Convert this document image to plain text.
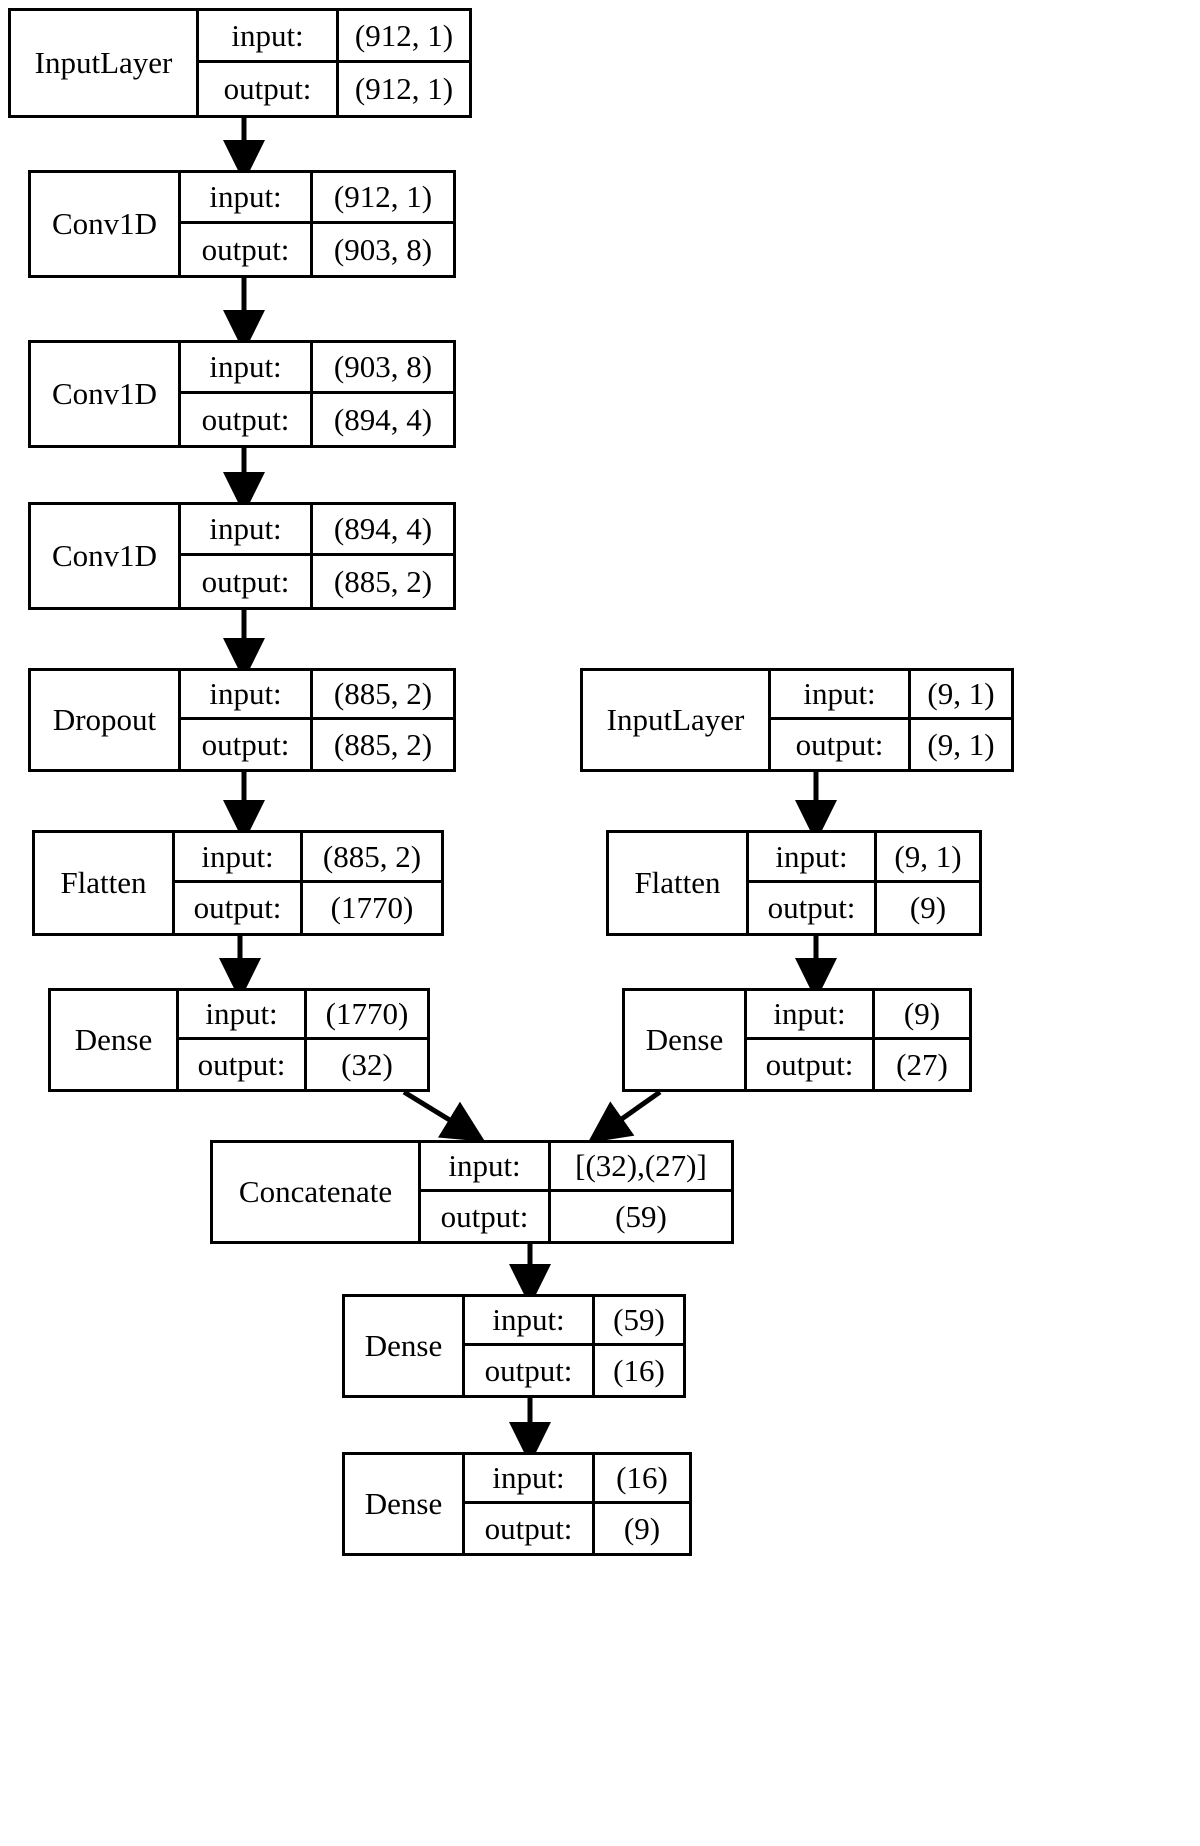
InputLayer
input:	(912, 1)
output:	(912, 1)
Conv1D
input:	(912, 1)
output:	(903, 8)
Conv1D
input:	(903, 8)
output:	(894, 4)
Conv1D
input:	(894, 4)
output:	(885, 2)
Dropout
input:	(885, 2)
output:	(885, 2)
Flatten
input:	(885, 2)
output:	(1770)
Dense
input:	(1770)
output:	(32)
InputLayer
input:	(9, 1)
output:	(9, 1)
Flatten
input:	(9, 1)
output:	(9)
Dense
input:	(9)
output:	(27)
Concatenate
input:	[(32),(27)]
output:	(59)
Dense
input:	(59)
output:	(16)
Dense
input:	(16)
output:	(9)
